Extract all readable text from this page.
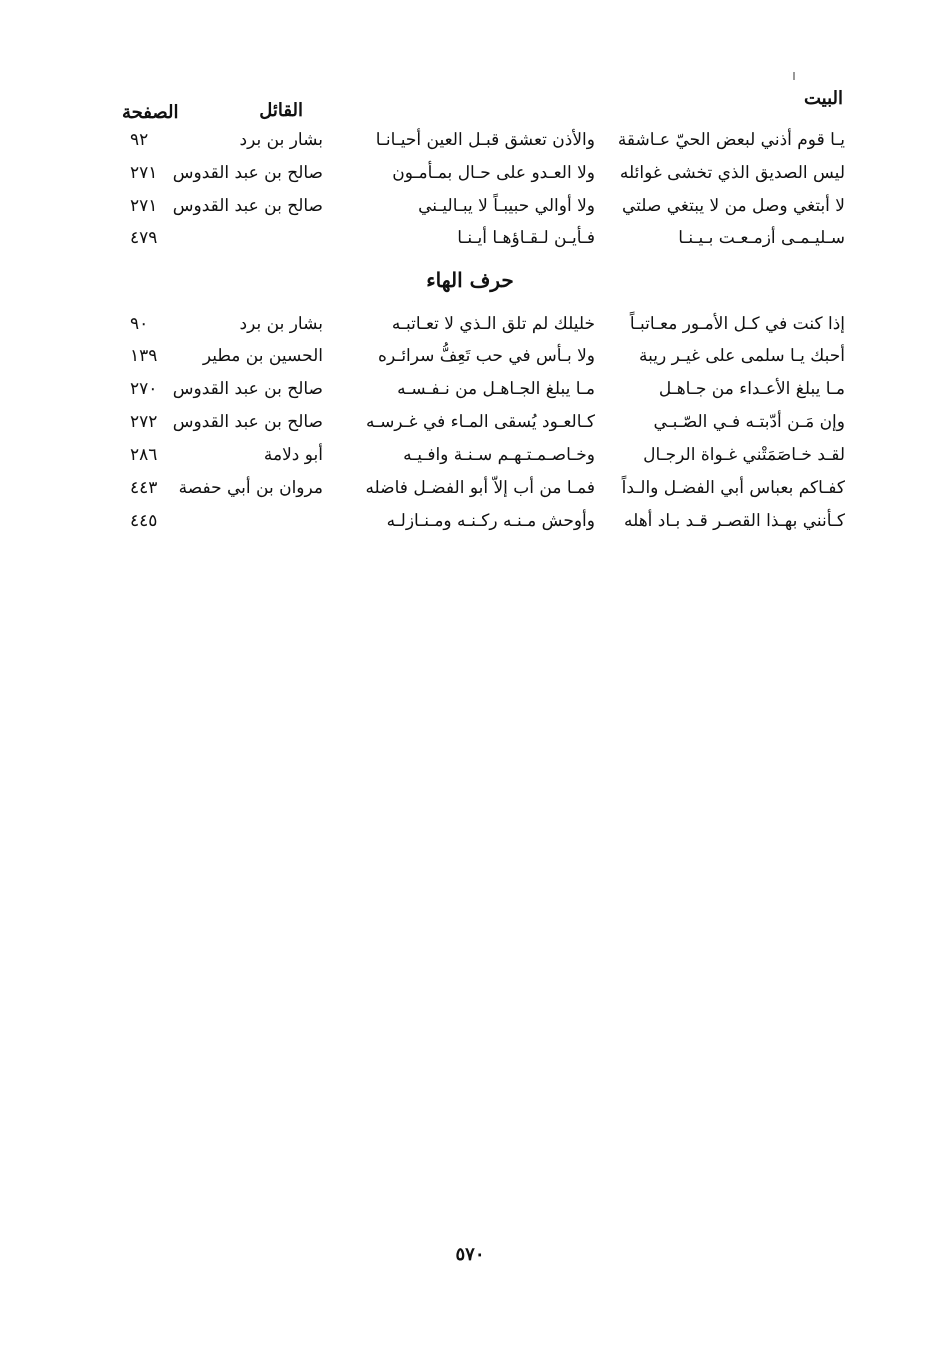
البيت
القائل
الصفحة
يـا قوم أذني لبعض الحيّ عـاشقة
والأذن تعشق قبـل العين أحيـانـا
بشار بن برد
٩٢
ليس الصديق الذي تخشى غوائله
ولا العـدو على حـال بمـأمـون
صالح بن عبد القدوس
٢٧١
لا أبتغي وصل من لا يبتغي صلتي
ولا أوالي حبيبـاً لا يبـاليـني
صالح بن عبد القدوس
٢٧١
سـليـمـى أزمـعـت بـيـنـا
فـأيـن لـقـاؤهـا أيـنـا
٤٧٩
حرف الهاء
إذا كنت في كـل الأمـور معـاتبـاً
خليلك لم تلق الـذي لا تعـاتبـه
بشار بن برد
٩٠
أحبك يـا سلمى على غيـر ريبة
ولا بـأس في حب تَعِفُّ سرائـره
الحسين بن مطير
١٣٩
مـا يبلغ الأعـداء من جـاهـل
مـا يبلغ الجـاهـل من نـفـسـه
صالح بن عبد القدوس
٢٧٠
وإن مَـن أدّبتـه فـي الصّـبـي
كـالعـود يُسقى المـاء في غـرسـه
صالح بن عبد القدوس
٢٧٢
لقـد خـاصَمَتْني غـواة الرجـال
وخـاصـمـتـهـم سـنـة وافـيـه
أبو دلامة
٢٨٦
كفـاكم بعباس أبي الفضـل والـداً
فمـا من أب إلاّ أبو الفضـل فاضله
مروان بن أبي حفصة
٤٤٣
كـأنني بهـذا القصـر قـد بـاد أهله
وأوحش مـنـه ركـنـه ومـنـازلـه
٤٤٥
٥٧٠
